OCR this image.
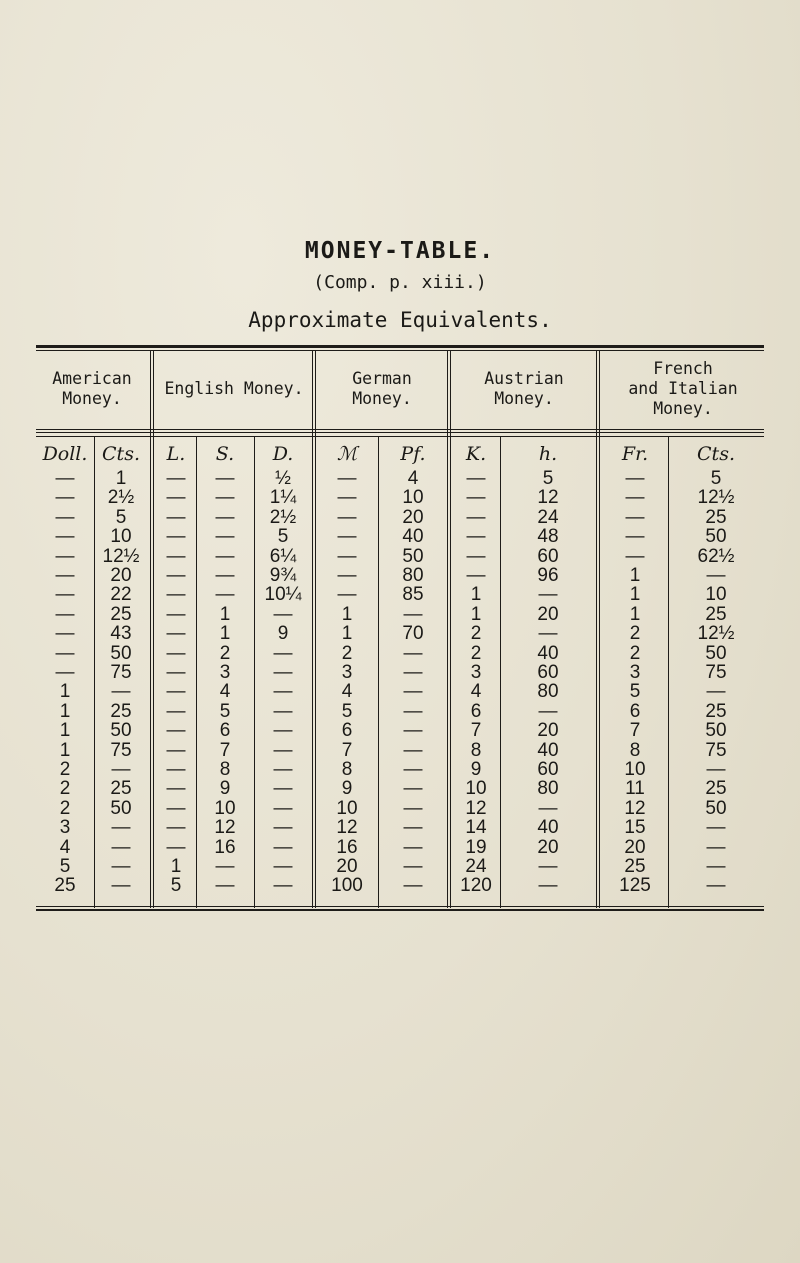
MONEY-TABLE.
(Comp. p. xiii.)
Approximate Equivalents.
American
Money.
English Money.
German
Money.
Austrian
Money.
French
and Italian
Money.
Doll. Cts.	L.	S.	D.	ℳ	Pf.	K.	h.	Fr.	Cts.
—	1	—	—	½	—	4	—	5	—	5
—	2½	—	—	1¼	—	10	—	12	—	12½
—	5	—	—	2½	—	20	—	24	—	25
—	10	—	—	5	—	40	—	48	—	50
—	12½	—	—	6¼	—	50	—	60	—	62½
—	20	—	—	9¾	—	80	—	96	1	—
—	22	—	—	10¼	—	85	1	—	1	10
—	25	—	1	—	1	—	1	20	1	25
—	43	—	1	9	1	70	2	—	2	12½
—	50	—	2	—	2	—	2	40	2	50
—	75	—	3	—	3	—	3	60	3	75
1	—	—	4	—	4	—	4	80	5	—
1	25	—	5	—	5	—	6	—	6	25
1	50	—	6	—	6	—	7	20	7	50
1	75	—	7	—	7	—	8	40	8	75
2	—	—	8	—	8	—	9	60	10	—
2	25	—	9	—	9	—	10	80	11	25
2	50	—	10	—	10	—	12	—	12	50
3	—	—	12	—	12	—	14	40	15	—
4	—	—	16	—	16	—	19	20	20	—
5	—	1	—	—	20	—	24	—	25	—
25	—	5	—	—	100	—	120	—	125	—
